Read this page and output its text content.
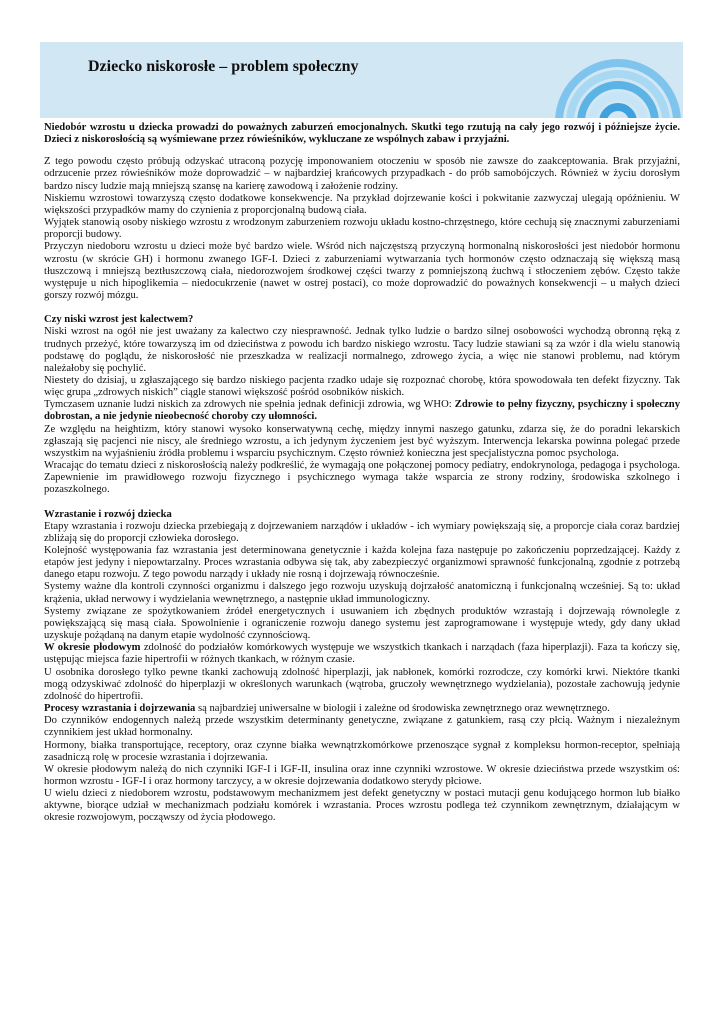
Dziecko niskorosłe – problem społeczny

Niedobór wzrostu u dziecka prowadzi do poważnych zaburzeń emocjonalnych. Skutki tego rzutują na cały jego rozwój i późniejsze życie. Dzieci z niskorosłością są wyśmiewane przez rówieśników, wykluczane ze wspólnych zabaw i przyjaźni.

Z tego powodu często próbują odzyskać utraconą pozycję imponowaniem otoczeniu w sposób nie zawsze do zaakceptowania. Brak przyjaźni, odrzucenie przez rówieśników może doprowadzić – w najbardziej krańcowych przypadkach - do prób samobójczych. Również w życiu dorosłym bardzo niscy ludzie mają mniejszą szansę na karierę zawodową i założenie rodziny.

Niskiemu wzrostowi towarzyszą często dodatkowe konsekwencje. Na przykład dojrzewanie kości i pokwitanie zazwyczaj ulegają opóźnieniu. W większości przypadków mamy do czynienia z proporcjonalną budową ciała.

Wyjątek stanowią osoby niskiego wzrostu z wrodzonym zaburzeniem rozwoju układu kostno-chrzęstnego, które cechują się znacznymi zaburzeniami proporcji budowy.

Przyczyn niedoboru wzrostu u dzieci może być bardzo wiele. Wśród nich najczęstszą przyczyną hormonalną niskorosłości jest niedobór hormonu wzrostu (w skrócie GH) i hormonu zwanego IGF-I. Dzieci z zaburzeniami wytwarzania tych hormonów często odznaczają się większą masą tłuszczową i mniejszą beztłuszczową ciała, niedorozwojem środkowej części twarzy z pomniejszoną żuchwą i stłoczeniem zębów. Często także występuje u nich hipoglikemia – niedocukrzenie (nawet w ostrej postaci), co może doprowadzić do poważnych konsekwencji – u małych dzieci gorszy rozwój mózgu.

Czy niski wzrost jest kalectwem?

Niski wzrost na ogół nie jest uważany za kalectwo czy niesprawność. Jednak tylko ludzie o bardzo silnej osobowości wychodzą obronną ręką z trudnych przeżyć, które towarzyszą im od dzieciństwa z powodu ich bardzo niskiego wzrostu. Tacy ludzie stawiani są za wzór i dla wielu stanowią podstawę do poglądu, że niskorosłość nie przeszkadza w realizacji normalnego, zdrowego życia, a więc nie stanowi problemu, nad którym należałoby się pochylić.

Niestety do dzisiaj, u zgłaszającego się bardzo niskiego pacjenta rzadko udaje się rozpoznać chorobę, która spowodowała ten defekt fizyczny. Tak więc grupa „zdrowych niskich” ciągle stanowi większość pośród osobników niskich.

Tymczasem uznanie ludzi niskich za zdrowych nie spełnia jednak definicji zdrowia, wg WHO: Zdrowie to pełny fizyczny, psychiczny i społeczny dobrostan, a nie jedynie nieobecność choroby czy ułomności.

Ze względu na heightizm, który stanowi wysoko konserwatywną cechę, między innymi naszego gatunku, zdarza się, że do poradni lekarskich zgłaszają się pacjenci nie niscy, ale średniego wzrostu, a ich jedynym życzeniem jest być wyższym. Interwencja lekarska powinna polegać przede wszystkim na wyjaśnieniu źródła problemu i wsparciu psychicznym. Często również konieczna jest specjalistyczna pomoc psychologa.

Wracając do tematu dzieci z niskorosłością należy podkreślić, że wymagają one połączonej pomocy pediatry, endokrynologa, pedagoga i psychologa. Zapewnienie im prawidłowego rozwoju fizycznego i psychicznego wymaga także wsparcia ze strony rodziny, środowiska szkolnego i pozaszkolnego.

Wzrastanie i rozwój dziecka

Etapy wzrastania i rozwoju dziecka przebiegają z dojrzewaniem narządów i układów - ich wymiary powiększają się, a proporcje ciała coraz bardziej zbliżają się do proporcji człowieka dorosłego.

Kolejność występowania faz wzrastania jest determinowana genetycznie i każda kolejna faza następuje po zakończeniu poprzedzającej. Każdy z etapów jest jedyny i niepowtarzalny. Proces wzrastania odbywa się tak, aby zabezpieczyć organizmowi sprawność funkcjonalną, zgodnie z potrzebą danego etapu rozwoju. Z tego powodu narządy i układy nie rosną i dojrzewają równocześnie.

Systemy ważne dla kontroli czynności organizmu i dalszego jego rozwoju uzyskują dojrzałość anatomiczną i funkcjonalną wcześniej. Są to: układ krążenia, układ nerwowy i wydzielania wewnętrznego, a następnie układ immunologiczny.

Systemy związane ze spożytkowaniem źródeł energetycznych i usuwaniem ich zbędnych produktów wzrastają i dojrzewają równolegle z powiększającą się masą ciała. Spowolnienie i ograniczenie rozwoju danego systemu jest zaprogramowane i występuje wtedy, gdy dany układ uzyskuje pożądaną na danym etapie wydolność czynnościową.

W okresie płodowym zdolność do podziałów komórkowych występuje we wszystkich tkankach i narządach (faza hiperplazji). Faza ta kończy się, ustępując miejsca fazie hipertrofii w różnych tkankach, w różnym czasie.

U osobnika dorosłego tylko pewne tkanki zachowują zdolność hiperplazji, jak nabłonek, komórki rozrodcze, czy komórki krwi. Niektóre tkanki mogą odzyskiwać zdolność do hiperplazji w określonych warunkach (wątroba, gruczoły wewnętrznego wydzielania), pozostałe zachowują jedynie zdolność do hipertrofii.

Procesy wzrastania i dojrzewania są najbardziej uniwersalne w biologii i zależne od środowiska zewnętrznego oraz wewnętrznego.

Do czynników endogennych należą przede wszystkim determinanty genetyczne, związane z gatunkiem, rasą czy płcią. Ważnym i niezależnym czynnikiem jest układ hormonalny.

Hormony, białka transportujące, receptory, oraz czynne białka wewnątrzkomórkowe przenoszące sygnał z kompleksu hormon-receptor, spełniają zasadniczą rolę w procesie wzrastania i dojrzewania.

W okresie płodowym należą do nich czynniki IGF-I i IGF-II, insulina oraz inne czynniki wzrostowe. W okresie dzieciństwa przede wszystkim oś: hormon wzrostu - IGF-I i oraz hormony tarczycy, a w okresie dojrzewania dodatkowo sterydy płciowe.

U wielu dzieci z niedoborem wzrostu, podstawowym mechanizmem jest defekt genetyczny w postaci mutacji genu kodującego hormon lub białko aktywne, biorące udział w mechanizmach podziału komórek i wzrastania. Proces wzrostu podlega też czynnikom zewnętrznym, działającym w okresie rozwojowym, począwszy od życia płodowego.
